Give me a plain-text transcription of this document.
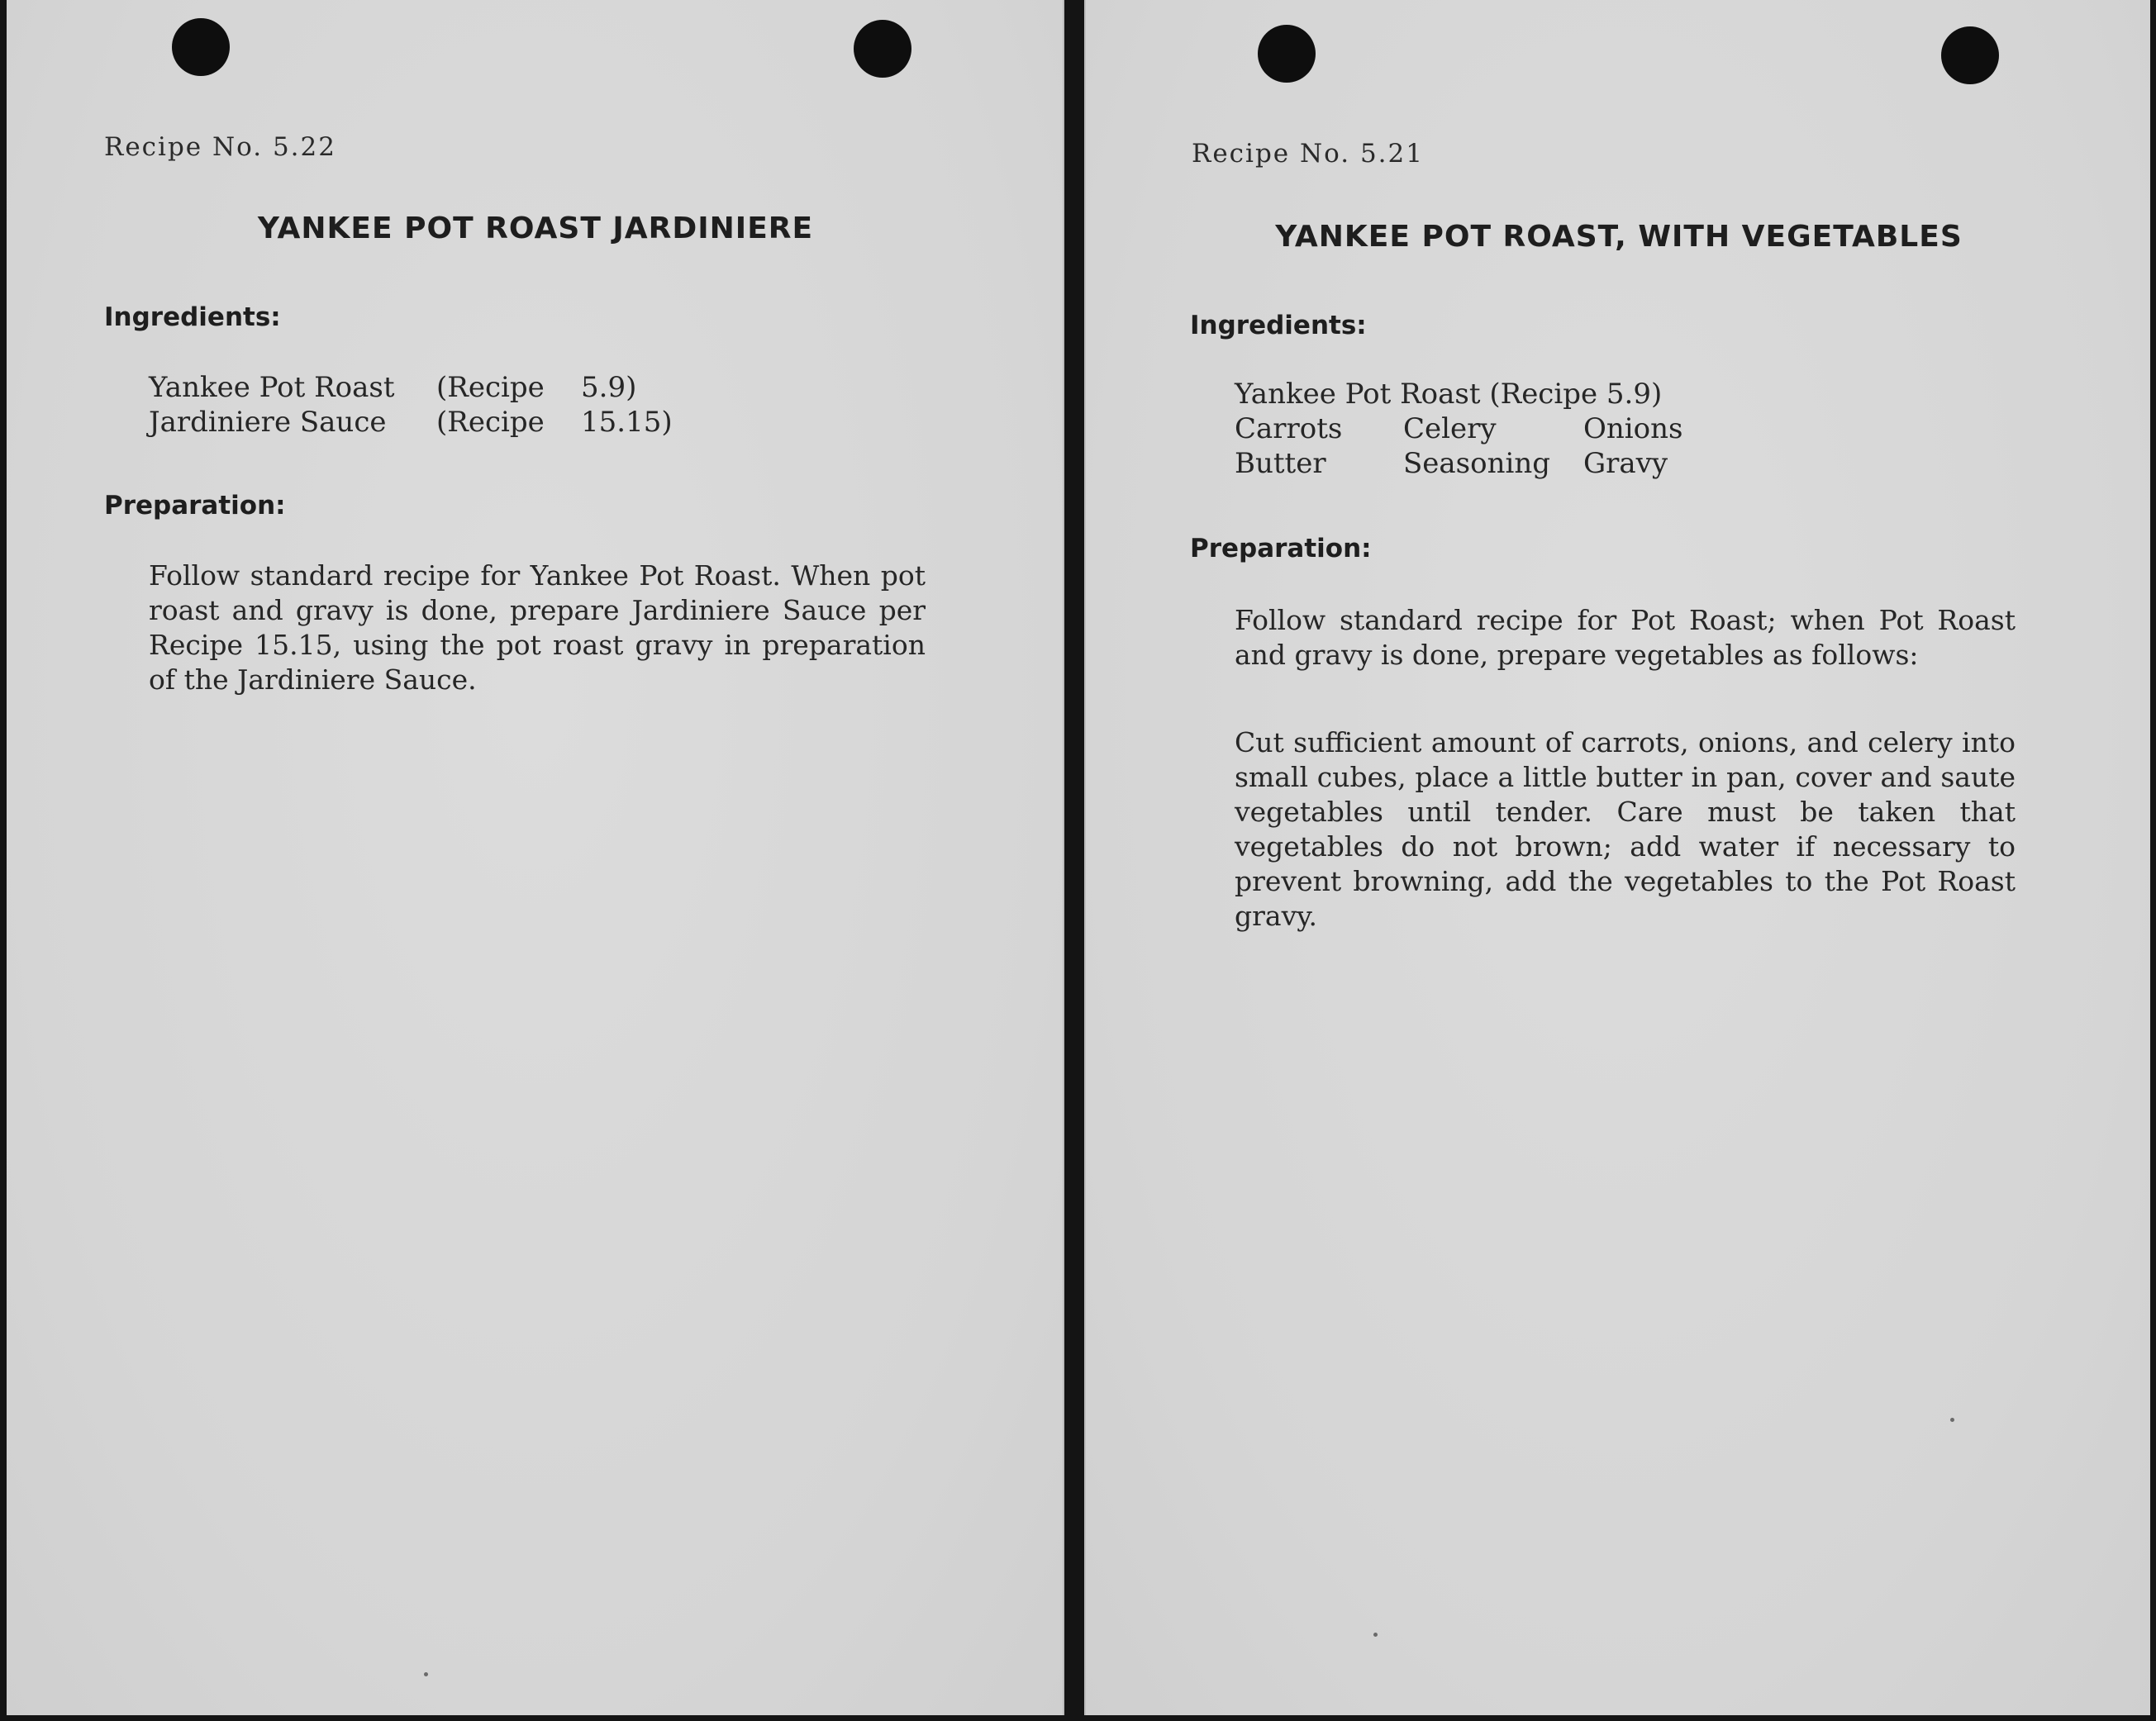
Recipe No. 5.22
YANKEE POT ROAST JARDINIERE
Ingredients:
Yankee Pot Roast	(Recipe	5.9)
Jardiniere Sauce	(Recipe	15.15)
Preparation:

Follow standard recipe for Yankee Pot Roast. When pot roast and gravy is done, prepare Jardiniere Sauce per Recipe 15.15, using the pot roast gravy in preparation of the Jardiniere Sauce.

Recipe No. 5.21
YANKEE POT ROAST, WITH VEGETABLES
Ingredients:
Yankee Pot Roast (Recipe 5.9)
Carrots	Celery	Onions
Butter	Seasoning	Gravy
Preparation:

Follow standard recipe for Pot Roast; when Pot Roast and gravy is done, prepare vegetables as follows:

Cut sufficient amount of carrots, onions, and celery into small cubes, place a little butter in pan, cover and saute vegetables until tender. Care must be taken that vegetables do not brown; add water if necessary to prevent browning, add the vegetables to the Pot Roast gravy.
